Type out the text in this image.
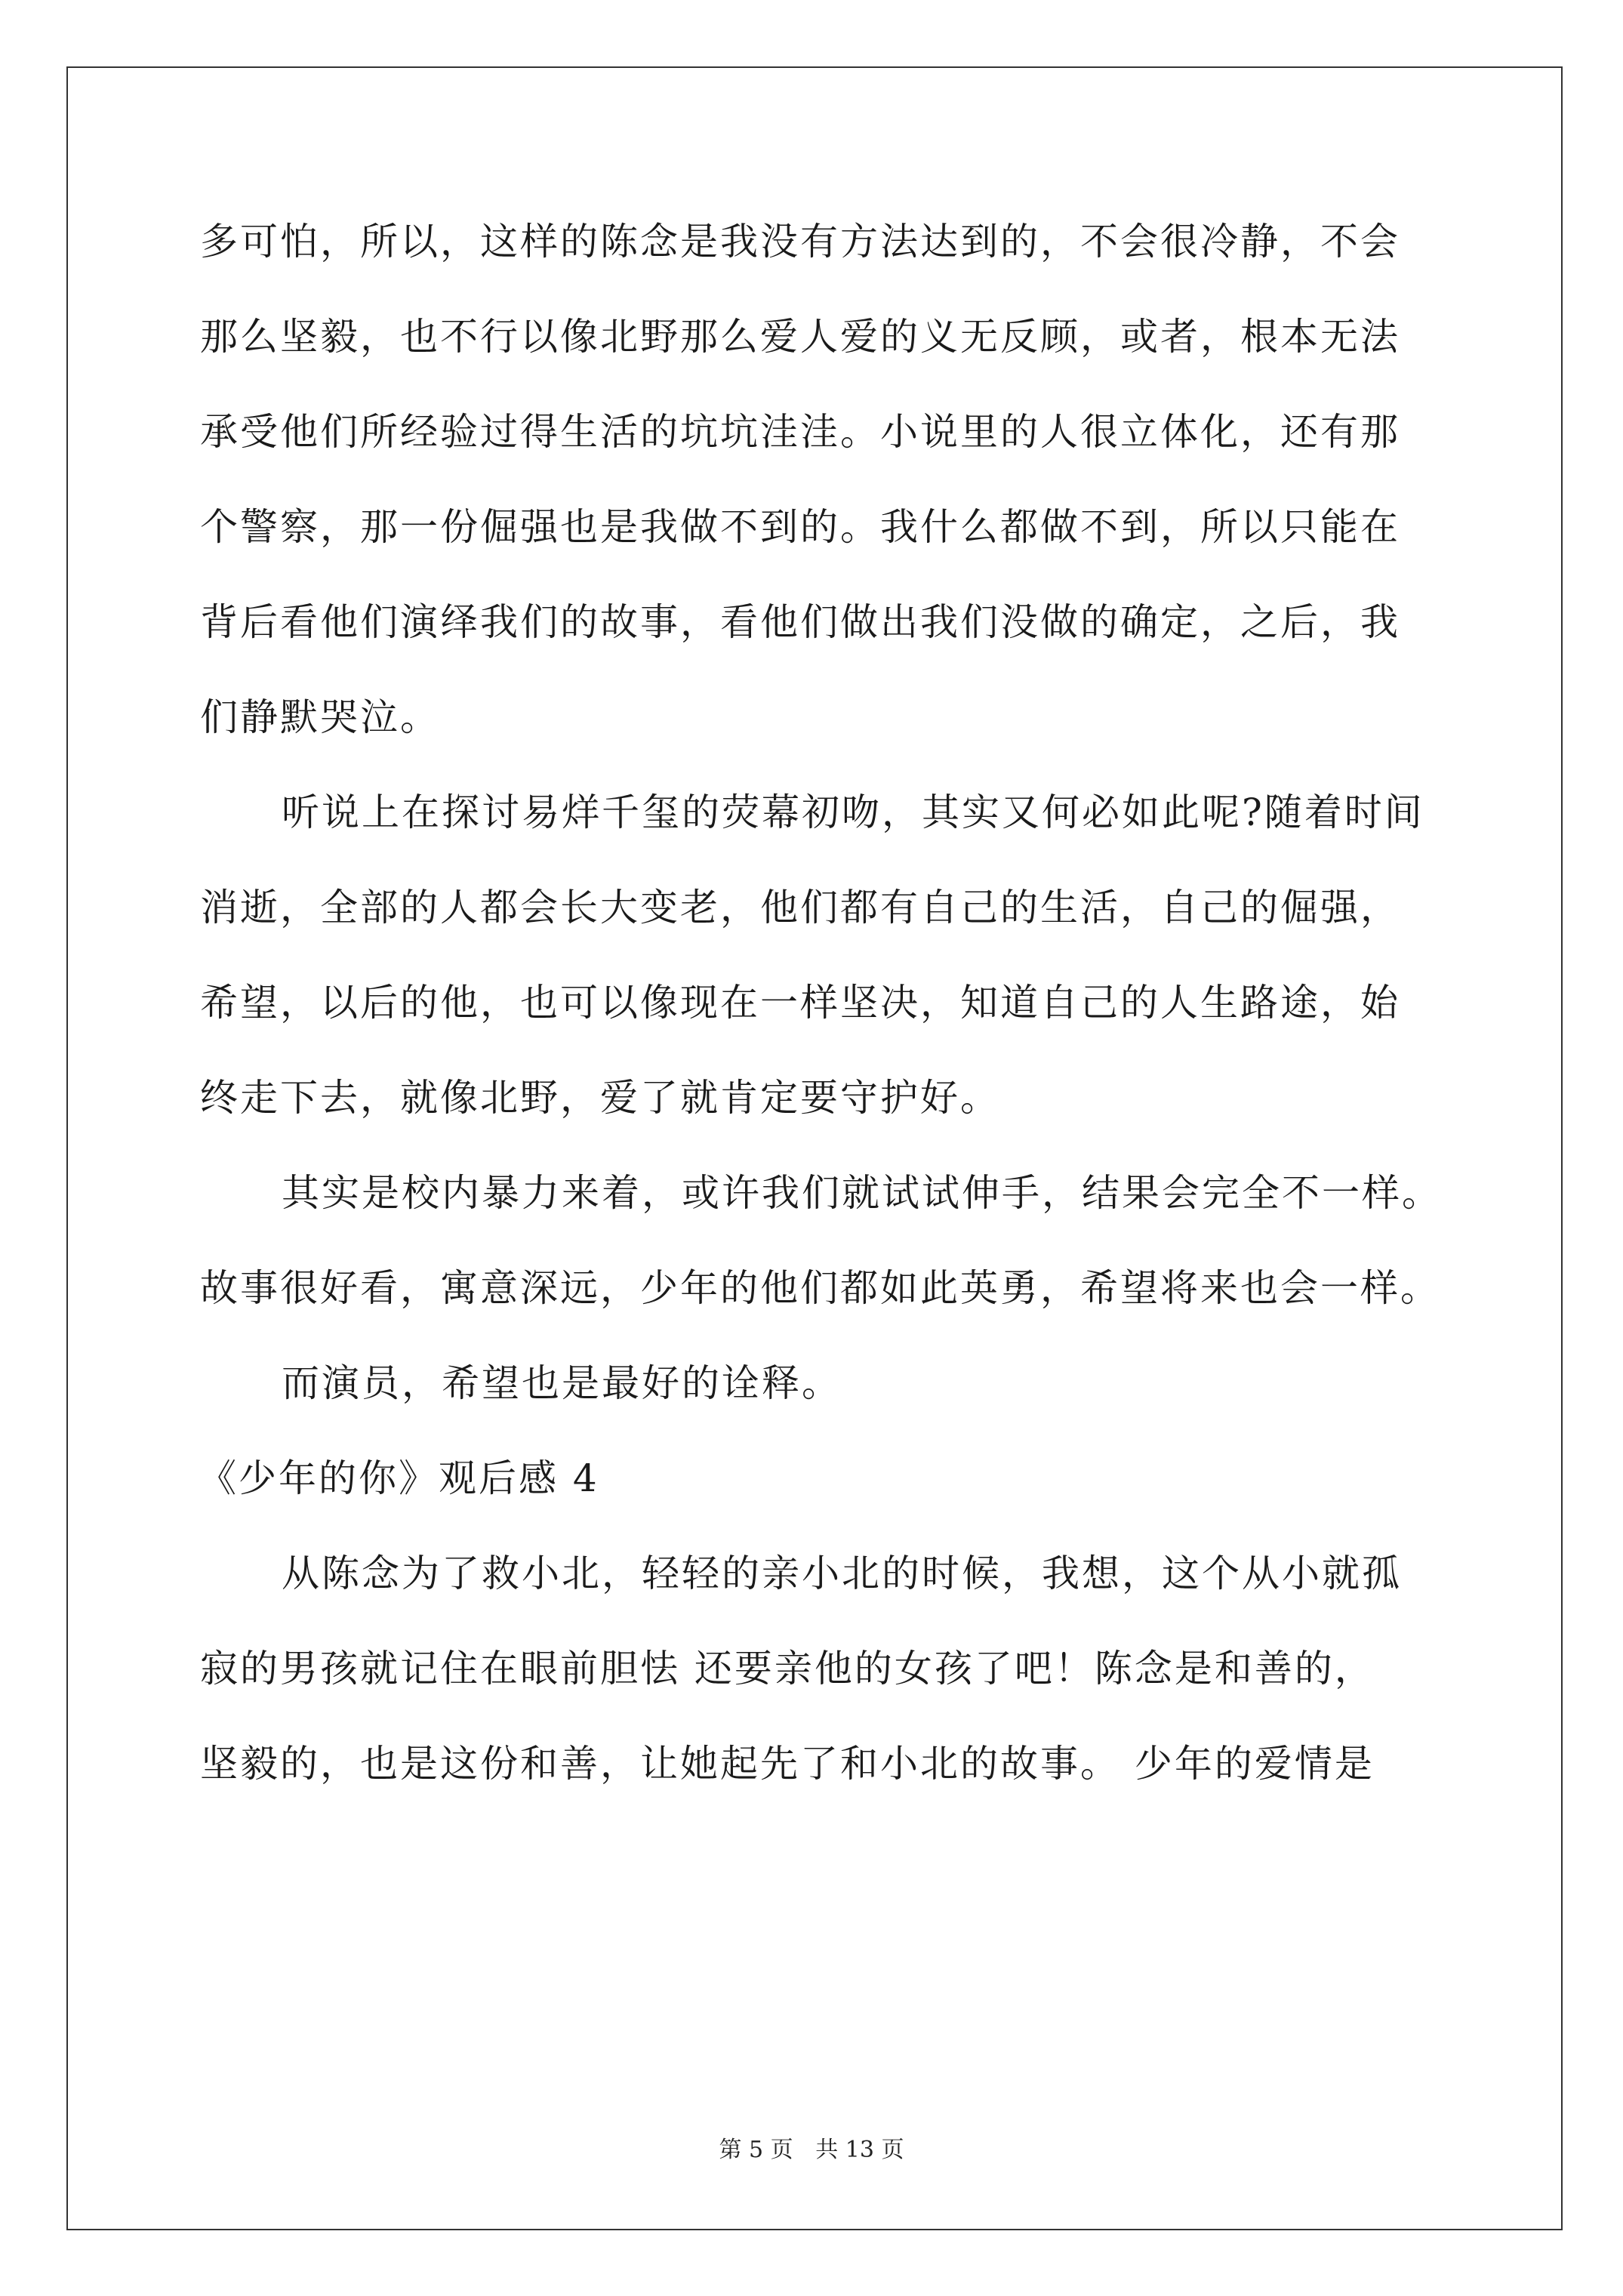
多可怕，所以，这样的陈念是我没有方法达到的，不会很冷静，不会
那么坚毅，也不行以像北野那么爱人爱的义无反顾，或者，根本无法
承受他们所经验过得生活的坑坑洼洼。小说里的人很立体化，还有那
个警察，那一份倔强也是我做不到的。我什么都做不到，所以只能在
背后看他们演绎我们的故事，看他们做出我们没做的确定，之后，我
们静默哭泣。
听说上在探讨易烊千玺的荧幕初吻，其实又何必如此呢?随着时间
消逝，全部的人都会长大变老，他们都有自己的生活，自己的倔强，
希望，以后的他，也可以像现在一样坚决，知道自己的人生路途，始
终走下去，就像北野，爱了就肯定要守护好。
其实是校内暴力来着，或许我们就试试伸手，结果会完全不一样。
故事很好看，寓意深远，少年的他们都如此英勇，希望将来也会一样。
而演员，希望也是最好的诠释。
《少年的你》观后感 4
从陈念为了救小北，轻轻的亲小北的时候，我想，这个从小就孤
寂的男孩就记住在眼前胆怯 还要亲他的女孩了吧！陈念是和善的，
坚毅的，也是这份和善，让她起先了和小北的故事。 少年的爱情是
第 5 页 共 13 页
